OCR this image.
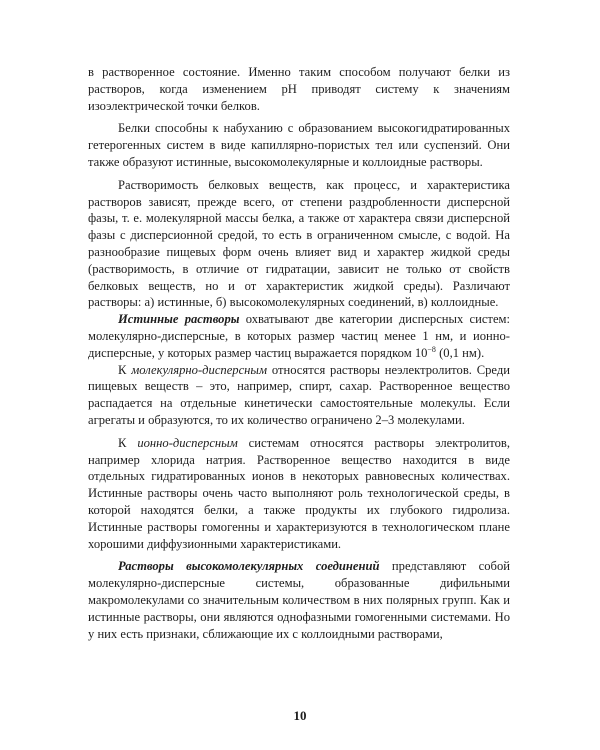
в растворенное состояние. Именно таким способом получают белки из растворов, когда изменением pH приводят систему к значениям изоэлектрической точки белков.

Белки способны к набуханию с образованием высокогидратированных гетерогенных систем в виде капиллярно-пористых тел или суспензий. Они также образуют истинные, высокомолекулярные и коллоидные растворы.

Растворимость белковых веществ, как процесс, и характеристика растворов зависят, прежде всего, от степени раздробленности дисперсной фазы, т. е. молекулярной массы белка, а также от характера связи дисперсной фазы с дисперсионной средой, то есть в ограниченном смысле, с водой. На разнообразие пищевых форм очень влияет вид и характер жидкой среды (растворимость, в отличие от гидратации, зависит не только от свойств белковых веществ, но и от характеристик жидкой среды). Различают растворы: а) истинные, б) высокомолекулярных соединений, в) коллоидные.

Истинные растворы охватывают две категории дисперсных систем: молекулярно-дисперсные, в которых размер частиц менее 1 нм, и ионно-дисперсные, у которых размер частиц выражается порядком $10^{-8}$ (0,1 нм).

К молекулярно-дисперсным относятся растворы неэлектролитов. Среди пищевых веществ – это, например, спирт, сахар. Растворенное вещество распадается на отдельные кинетически самостоятельные молекулы. Если агрегаты и образуются, то их количество ограничено 2–3 молекулами.

К ионно-дисперсным системам относятся растворы электролитов, например хлорида натрия. Растворенное вещество находится в виде отдельных гидратированных ионов в некоторых равновесных количествах. Истинные растворы очень часто выполняют роль технологической среды, в которой находятся белки, а также продукты их глубокого гидролиза. Истинные растворы гомогенны и характеризуются в технологическом плане хорошими диффузионными характеристиками.

Растворы высокомолекулярных соединений представляют собой молекулярно-дисперсные системы, образованные дифильными макромолекулами со значительным количеством в них полярных групп. Как и истинные растворы, они являются однофазными гомогенными системами. Но у них есть признаки, сближающие их с коллоидными растворами,

10
